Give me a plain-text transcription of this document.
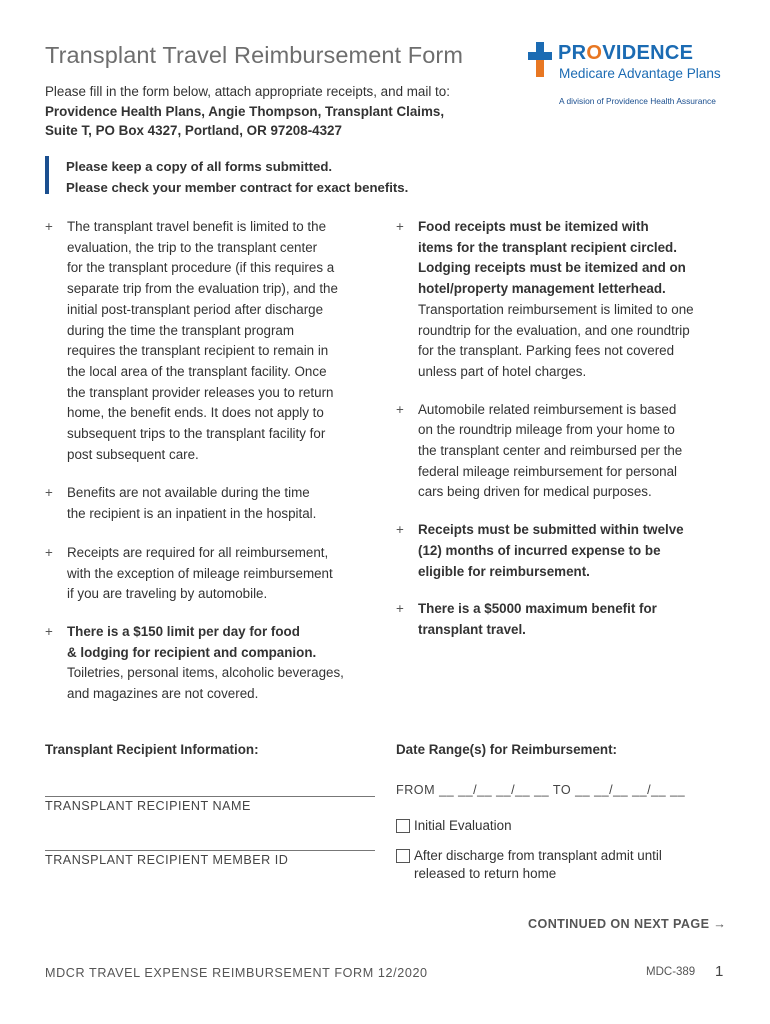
Transplant Travel Reimbursement Form
Please fill in the form below, attach appropriate receipts, and mail to:
Providence Health Plans, Angie Thompson, Transplant Claims,
Suite T, PO Box 4327, Portland, OR 97208-4327
PROVIDENCE
Medicare Advantage Plans
A division of Providence Health Assurance
Please keep a copy of all forms submitted.
Please check your member contract for exact benefits.
+ The transplant travel benefit is limited to the
evaluation, the trip to the transplant center
for the transplant procedure (if this requires a
separate trip from the evaluation trip), and the
initial post-transplant period after discharge
during the time the transplant program
requires the transplant recipient to remain in
the local area of the transplant facility. Once
the transplant provider releases you to return
home, the benefit ends. It does not apply to
subsequent trips to the transplant facility for
post subsequent care.
+ Benefits are not available during the time
the recipient is an inpatient in the hospital.
+ Receipts are required for all reimbursement,
with the exception of mileage reimbursement
if you are traveling by automobile.
+ There is a $150 limit per day for food
& lodging for recipient and companion.
Toiletries, personal items, alcoholic beverages,
and magazines are not covered.
+ Food receipts must be itemized with
items for the transplant recipient circled.
Lodging receipts must be itemized and on
hotel/property management letterhead.
Transportation reimbursement is limited to one
roundtrip for the evaluation, and one roundtrip
for the transplant. Parking fees not covered
unless part of hotel charges.
+ Automobile related reimbursement is based
on the roundtrip mileage from your home to
the transplant center and reimbursed per the
federal mileage reimbursement for personal
cars being driven for medical purposes.
+ Receipts must be submitted within twelve
(12) months of incurred expense to be
eligible for reimbursement.
+ There is a $5000 maximum benefit for
transplant travel.
Transplant Recipient Information:
TRANSPLANT RECIPIENT NAME
TRANSPLANT RECIPIENT MEMBER ID
Date Range(s) for Reimbursement:
FROM __ __/__ __/__ __ TO __ __/__ __/__ __
Initial Evaluation
After discharge from transplant admit until
released to return home
CONTINUED ON NEXT PAGE →
MDCR TRAVEL EXPENSE REIMBURSEMENT FORM 12/2020	MDC-389 1
